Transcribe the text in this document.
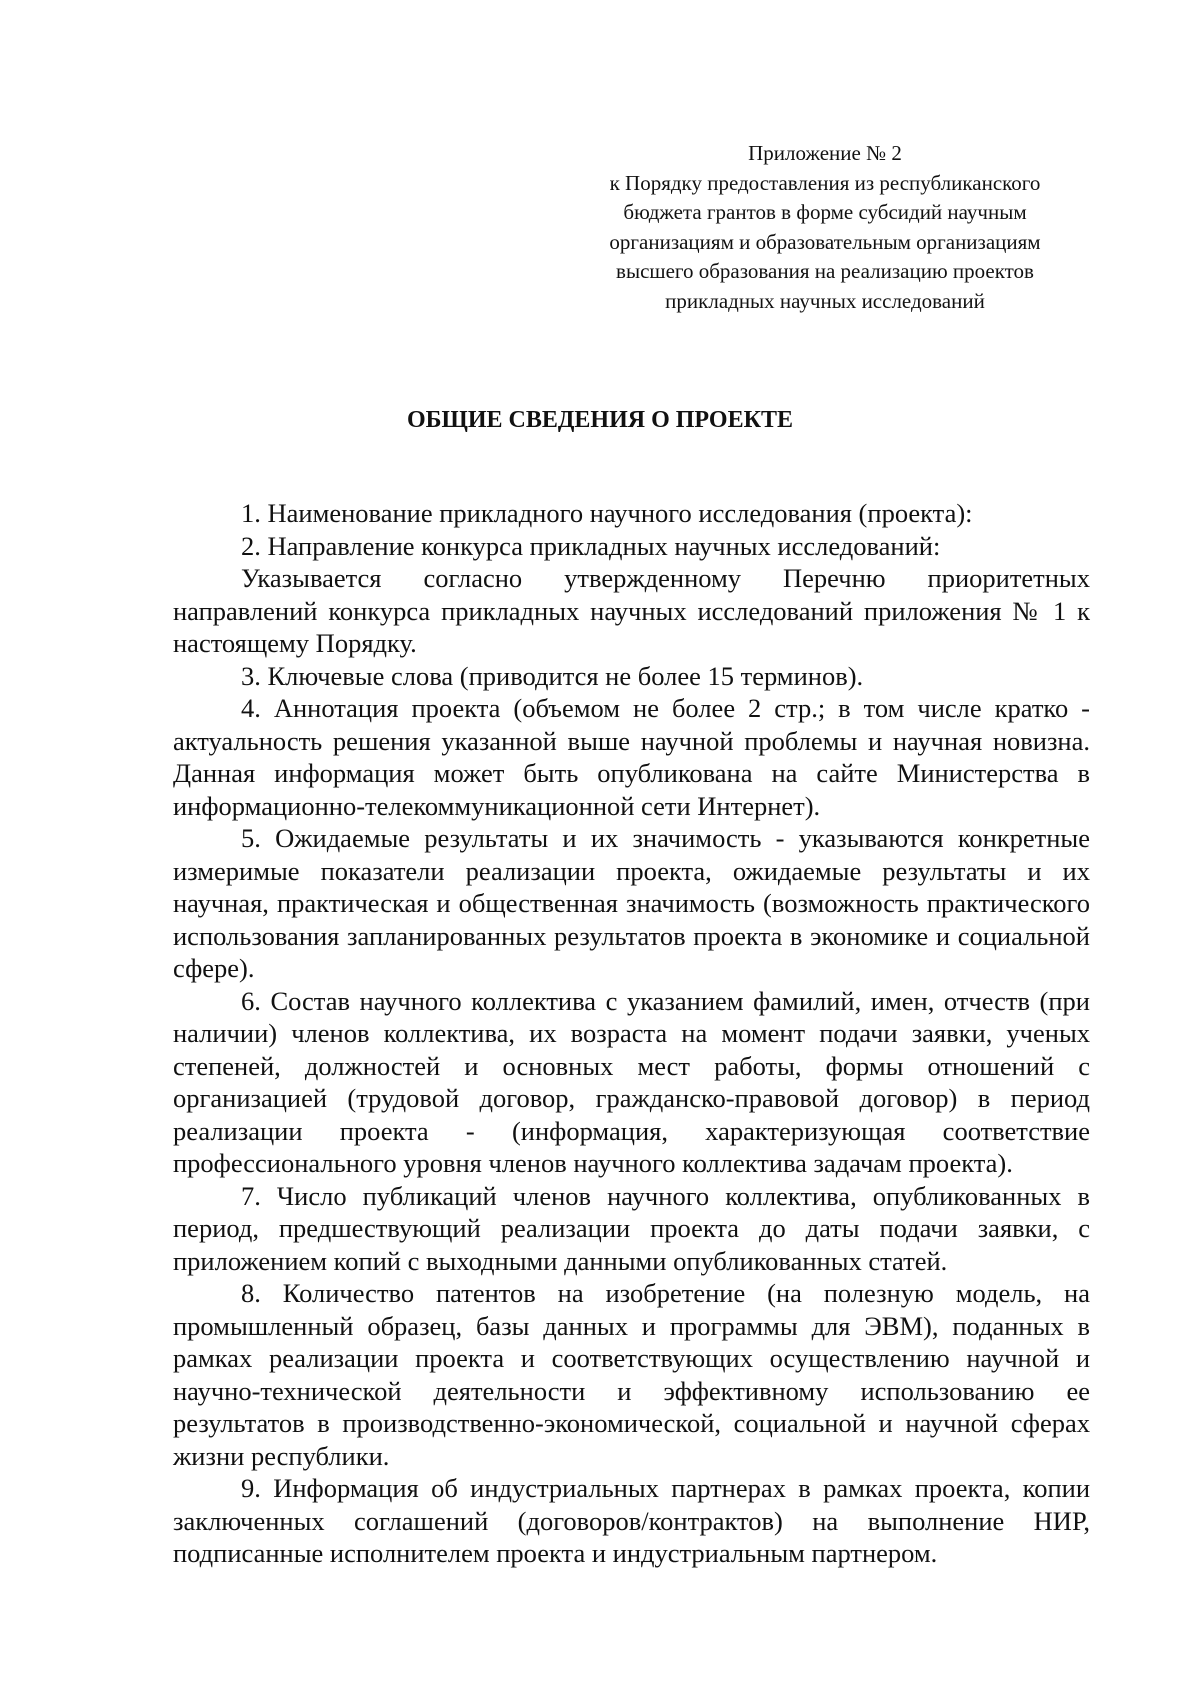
Приложение № 2
к Порядку предоставления из республиканского
бюджета грантов в форме субсидий научным
организациям и образовательным организациям
высшего образования на реализацию проектов
прикладных научных исследований
ОБЩИЕ СВЕДЕНИЯ О ПРОЕКТЕ

1. Наименование прикладного научного исследования (проекта):

2. Направление конкурса прикладных научных исследований:

Указывается согласно утвержденному Перечню приоритетных направлений конкурса прикладных научных исследований приложения № 1 к настоящему Порядку.

3. Ключевые слова (приводится не более 15 терминов).

4. Аннотация проекта (объемом не более 2 стр.; в том числе кратко - актуальность решения указанной выше научной проблемы и научная новизна. Данная информация может быть опубликована на сайте Министерства в информационно-телекоммуникационной сети Интернет).

5. Ожидаемые результаты и их значимость - указываются конкретные измеримые показатели реализации проекта, ожидаемые результаты и их научная, практическая и общественная значимость (возможность практического использования запланированных результатов проекта в экономике и социальной сфере).

6. Состав научного коллектива с указанием фамилий, имен, отчеств (при наличии) членов коллектива, их возраста на момент подачи заявки, ученых степеней, должностей и основных мест работы, формы отношений с организацией (трудовой договор, гражданско-правовой договор) в период реализации проекта - (информация, характеризующая соответствие профессионального уровня членов научного коллектива задачам проекта).

7. Число публикаций членов научного коллектива, опубликованных в период, предшествующий реализации проекта до даты подачи заявки, с приложением копий с выходными данными опубликованных статей.

8. Количество патентов на изобретение (на полезную модель, на промышленный образец, базы данных и программы для ЭВМ), поданных в рамках реализации проекта и соответствующих осуществлению научной и научно-технической деятельности и эффективному использованию ее результатов в производственно-экономической, социальной и научной сферах жизни республики.

9. Информация об индустриальных партнерах в рамках проекта, копии заключенных соглашений (договоров/контрактов) на выполнение НИР, подписанные исполнителем проекта и индустриальным партнером.
